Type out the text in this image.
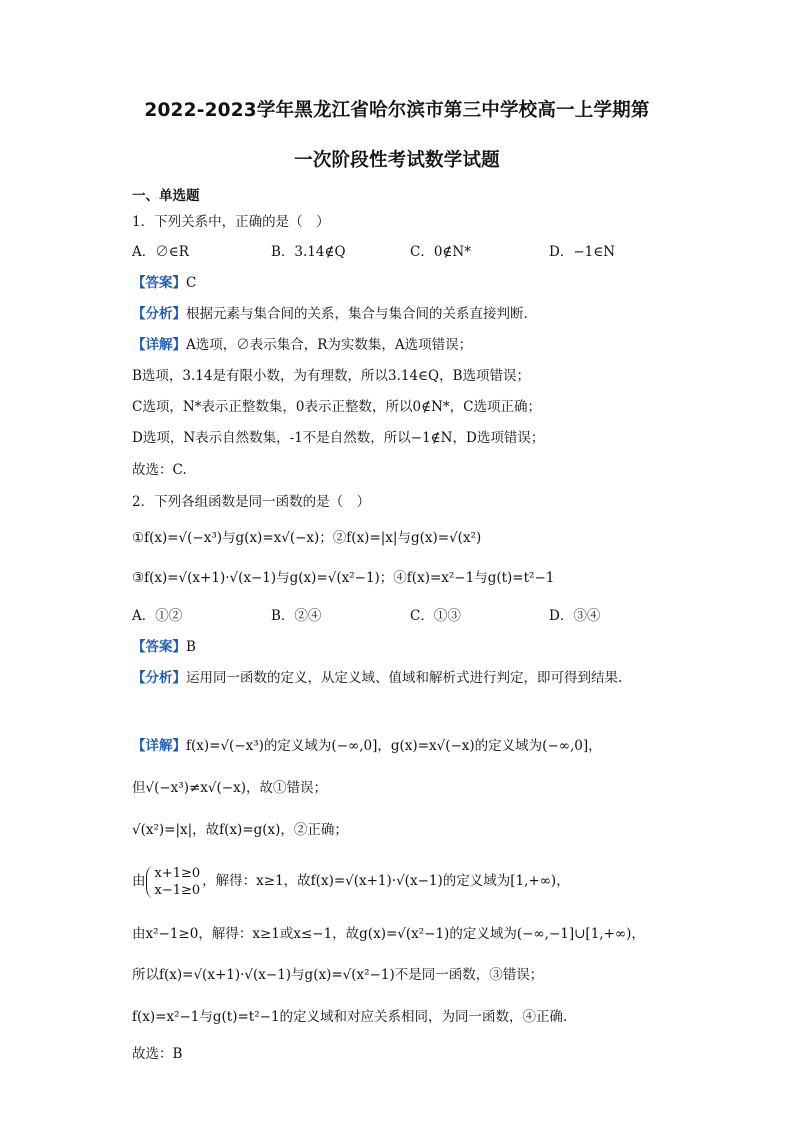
2022-2023学年黑龙江省哈尔滨市第三中学校高一上学期第
一次阶段性考试数学试题
一、单选题
1．下列关系中，正确的是（　）
A．∅∈R	B．3.14∉Q	C．0∉N*	D．−1∈N
【答案】C
【分析】根据元素与集合间的关系，集合与集合间的关系直接判断.
【详解】A选项，∅表示集合，R为实数集，A选项错误；
B选项，3.14是有限小数，为有理数，所以3.14∈Q，B选项错误；
C选项，N*表示正整数集，0表示正整数，所以0∉N*，C选项正确；
D选项，N表示自然数集，-1不是自然数，所以−1∉N，D选项错误；
故选：C.
2．下列各组函数是同一函数的是（　）
①f(x)=√(−x³)与g(x)=x√(−x)；②f(x)=|x|与g(x)=√(x²)
③f(x)=√(x+1)·√(x−1)与g(x)=√(x²−1)；④f(x)=x²−1与g(t)=t²−1
A．①②	B．②④	C．①③	D．③④
【答案】B
【分析】运用同一函数的定义，从定义域、值域和解析式进行判定，即可得到结果.
【详解】f(x)=√(−x³)的定义域为(−∞,0]，g(x)=x√(−x)的定义域为(−∞,0]，
但√(−x³)≠x√(−x)，故①错误；
√(x²)=|x|，故f(x)=g(x)，②正确；
由 x+1≥0
x−1≥0，解得：x≥1，故f(x)=√(x+1)·√(x−1)的定义域为[1,+∞)，
由x²−1≥0，解得：x≥1或x≤−1，故g(x)=√(x²−1)的定义域为(−∞,−1]∪[1,+∞)，
所以f(x)=√(x+1)·√(x−1)与g(x)=√(x²−1)不是同一函数，③错误；
f(x)=x²−1与g(t)=t²−1的定义域和对应关系相同，为同一函数，④正确.
故选：B
